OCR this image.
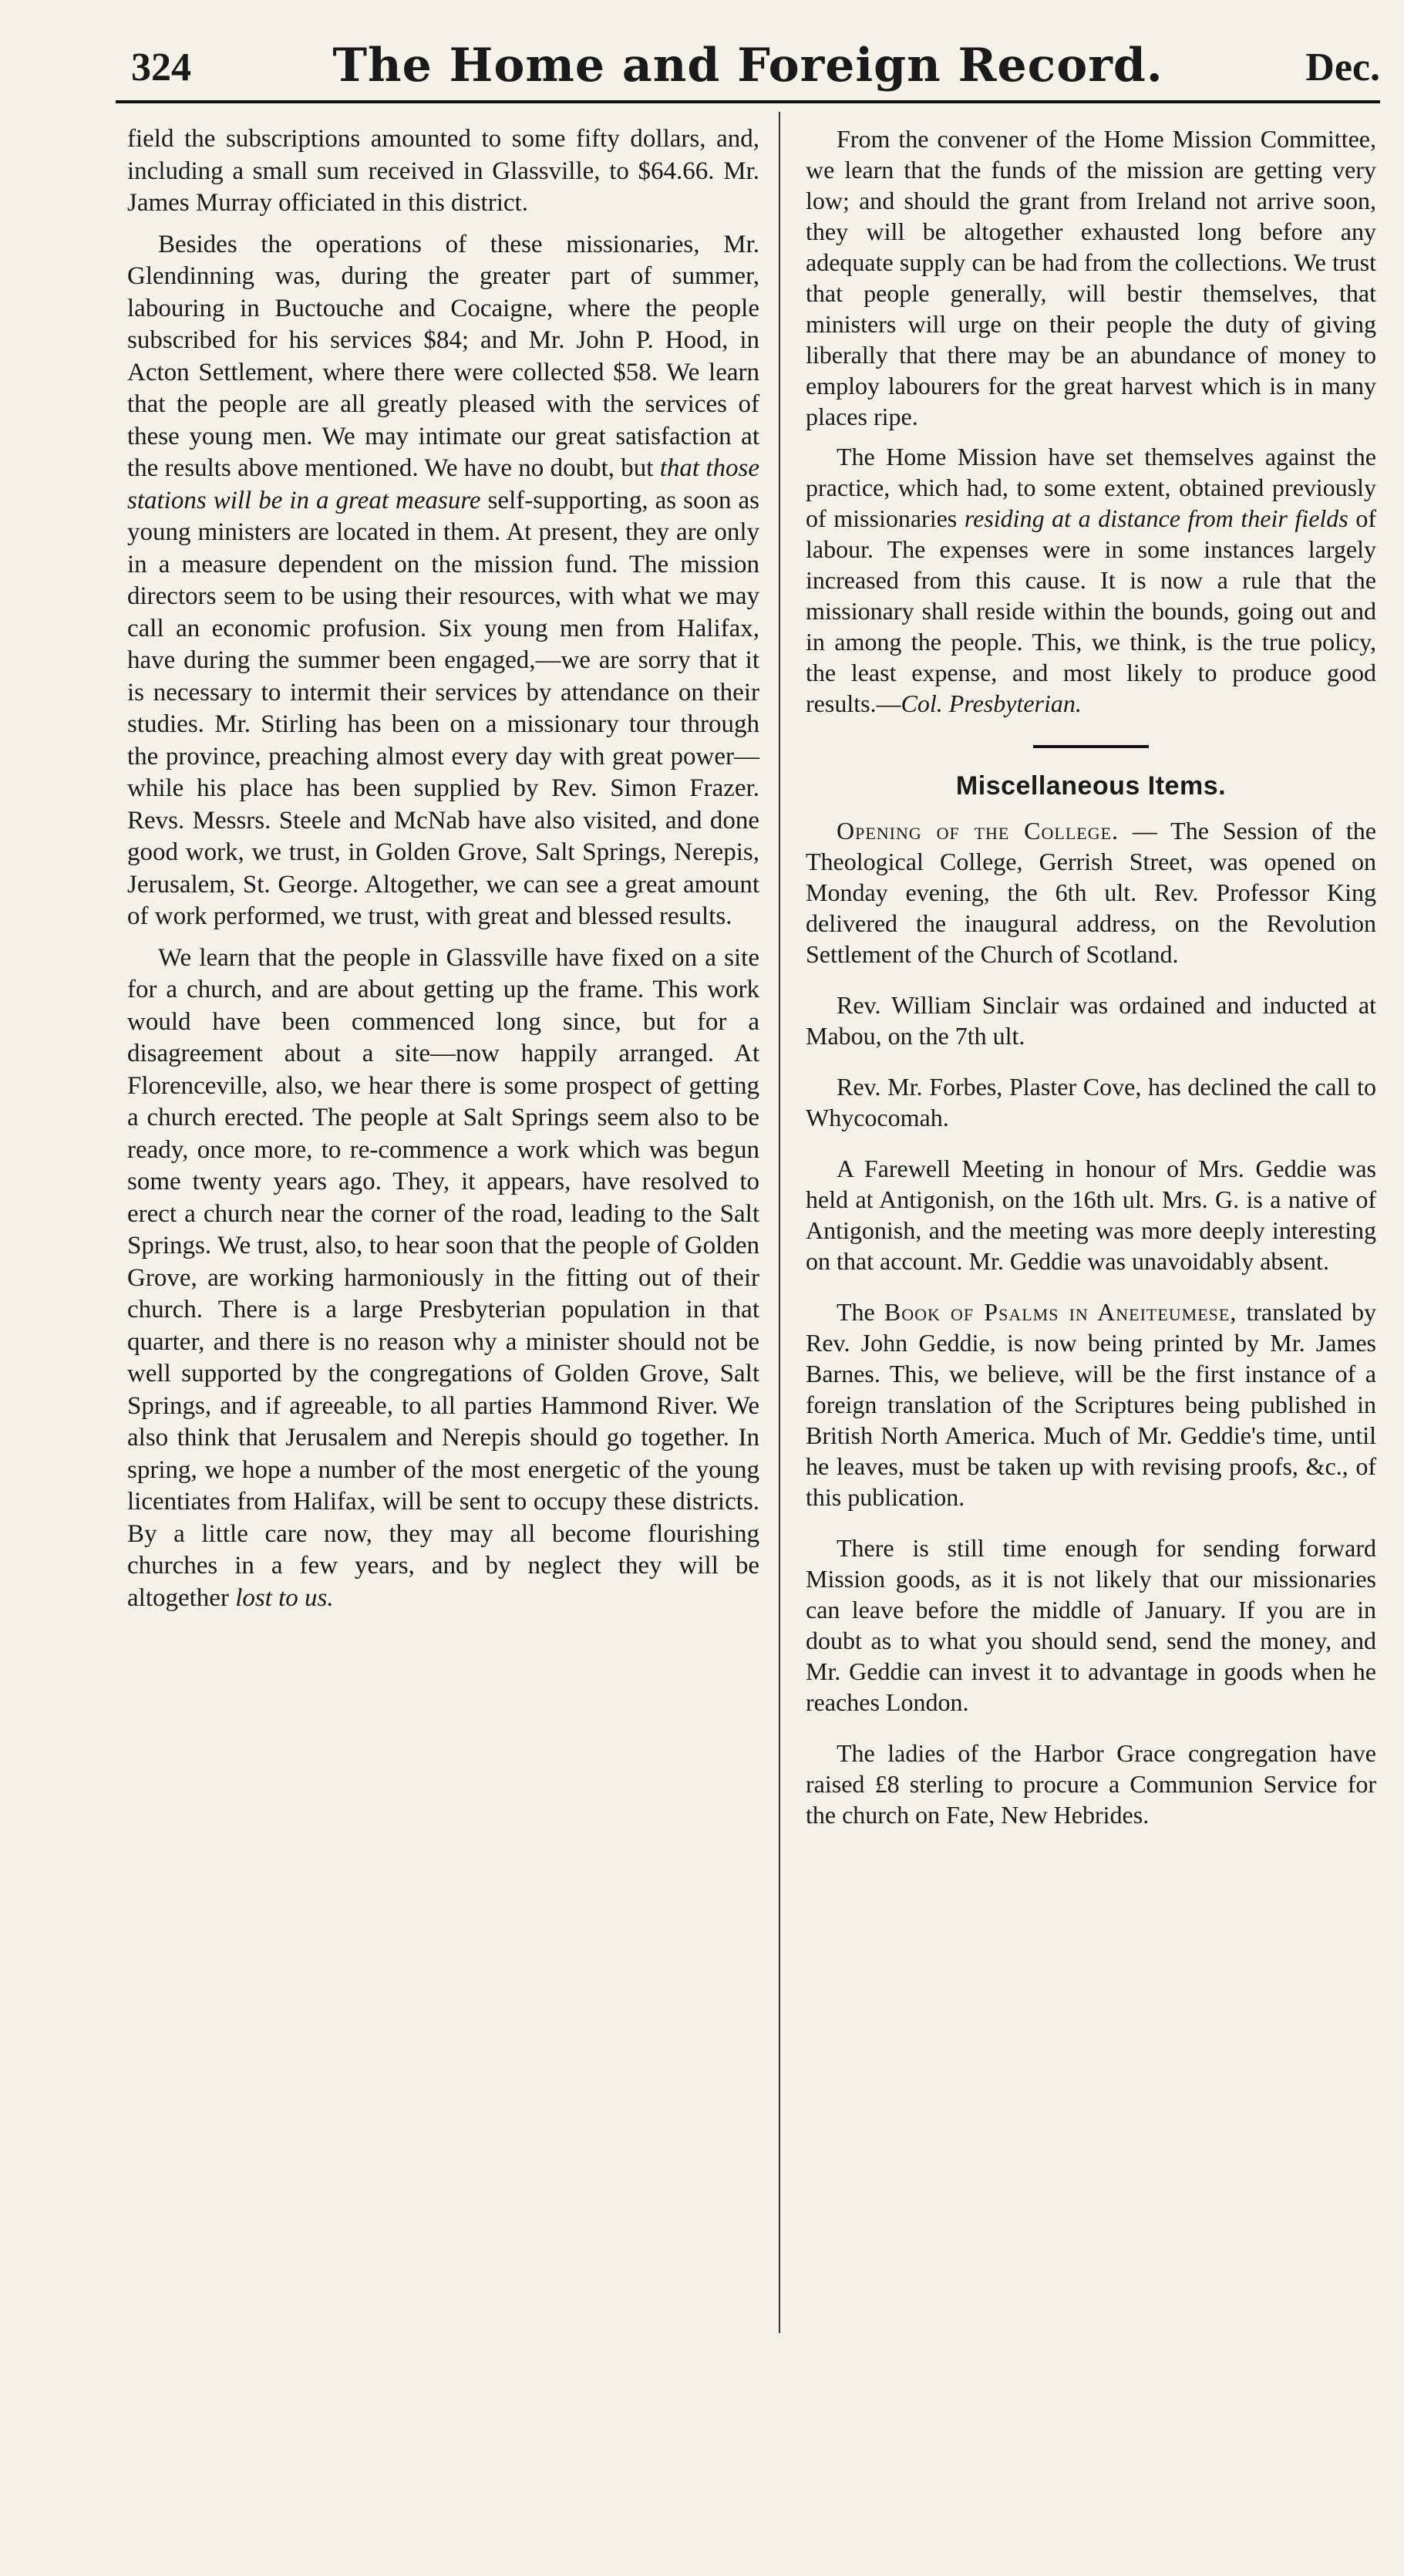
324	The Home and Foreign Record.	Dec.

field the subscriptions amounted to some fifty dollars, and, including a small sum received in Glassville, to $64.66. Mr. James Murray officiated in this district.

Besides the operations of these missionaries, Mr. Glendinning was, during the greater part of summer, labouring in Buctouche and Cocaigne, where the people subscribed for his services $84; and Mr. John P. Hood, in Acton Settlement, where there were collected $58. We learn that the people are all greatly pleased with the services of these young men. We may intimate our great satisfaction at the results above mentioned. We have no doubt, but that those stations will be in a great measure self-supporting, as soon as young ministers are located in them. At present, they are only in a measure dependent on the mission fund. The mission directors seem to be using their resources, with what we may call an economic profusion. Six young men from Halifax, have during the summer been engaged,—we are sorry that it is necessary to intermit their services by attendance on their studies. Mr. Stirling has been on a missionary tour through the province, preaching almost every day with great power—while his place has been supplied by Rev. Simon Frazer. Revs. Messrs. Steele and McNab have also visited, and done good work, we trust, in Golden Grove, Salt Springs, Nerepis, Jerusalem, St. George. Altogether, we can see a great amount of work performed, we trust, with great and blessed results.

We learn that the people in Glassville have fixed on a site for a church, and are about getting up the frame. This work would have been commenced long since, but for a disagreement about a site—now happily arranged. At Florenceville, also, we hear there is some prospect of getting a church erected. The people at Salt Springs seem also to be ready, once more, to re-commence a work which was begun some twenty years ago. They, it appears, have resolved to erect a church near the corner of the road, leading to the Salt Springs. We trust, also, to hear soon that the people of Golden Grove, are working harmoniously in the fitting out of their church. There is a large Presbyterian population in that quarter, and there is no reason why a minister should not be well supported by the congregations of Golden Grove, Salt Springs, and if agreeable, to all parties Hammond River. We also think that Jerusalem and Nerepis should go together. In spring, we hope a number of the most energetic of the young licentiates from Halifax, will be sent to occupy these districts. By a little care now, they may all become flourishing churches in a few years, and by neglect they will be altogether lost to us.

From the convener of the Home Mission Committee, we learn that the funds of the mission are getting very low; and should the grant from Ireland not arrive soon, they will be altogether exhausted long before any adequate supply can be had from the collections. We trust that people generally, will bestir themselves, that ministers will urge on their people the duty of giving liberally that there may be an abundance of money to employ labourers for the great harvest which is in many places ripe.

The Home Mission have set themselves against the practice, which had, to some extent, obtained previously of missionaries residing at a distance from their fields of labour. The expenses were in some instances largely increased from this cause. It is now a rule that the missionary shall reside within the bounds, going out and in among the people. This, we think, is the true policy, the least expense, and most likely to produce good results.—Col. Presbyterian.

Miscellaneous Items.

Opening of the College. — The Session of the Theological College, Gerrish Street, was opened on Monday evening, the 6th ult. Rev. Professor King delivered the inaugural address, on the Revolution Settlement of the Church of Scotland.

Rev. William Sinclair was ordained and inducted at Mabou, on the 7th ult.

Rev. Mr. Forbes, Plaster Cove, has declined the call to Whycocomah.

A Farewell Meeting in honour of Mrs. Geddie was held at Antigonish, on the 16th ult. Mrs. G. is a native of Antigonish, and the meeting was more deeply interesting on that account. Mr. Geddie was unavoidably absent.

The Book of Psalms in Aneiteumese, translated by Rev. John Geddie, is now being printed by Mr. James Barnes. This, we believe, will be the first instance of a foreign translation of the Scriptures being published in British North America. Much of Mr. Geddie's time, until he leaves, must be taken up with revising proofs, &c., of this publication.

There is still time enough for sending forward Mission goods, as it is not likely that our missionaries can leave before the middle of January. If you are in doubt as to what you should send, send the money, and Mr. Geddie can invest it to advantage in goods when he reaches London.

The ladies of the Harbor Grace congregation have raised £8 sterling to procure a Communion Service for the church on Fate, New Hebrides.
